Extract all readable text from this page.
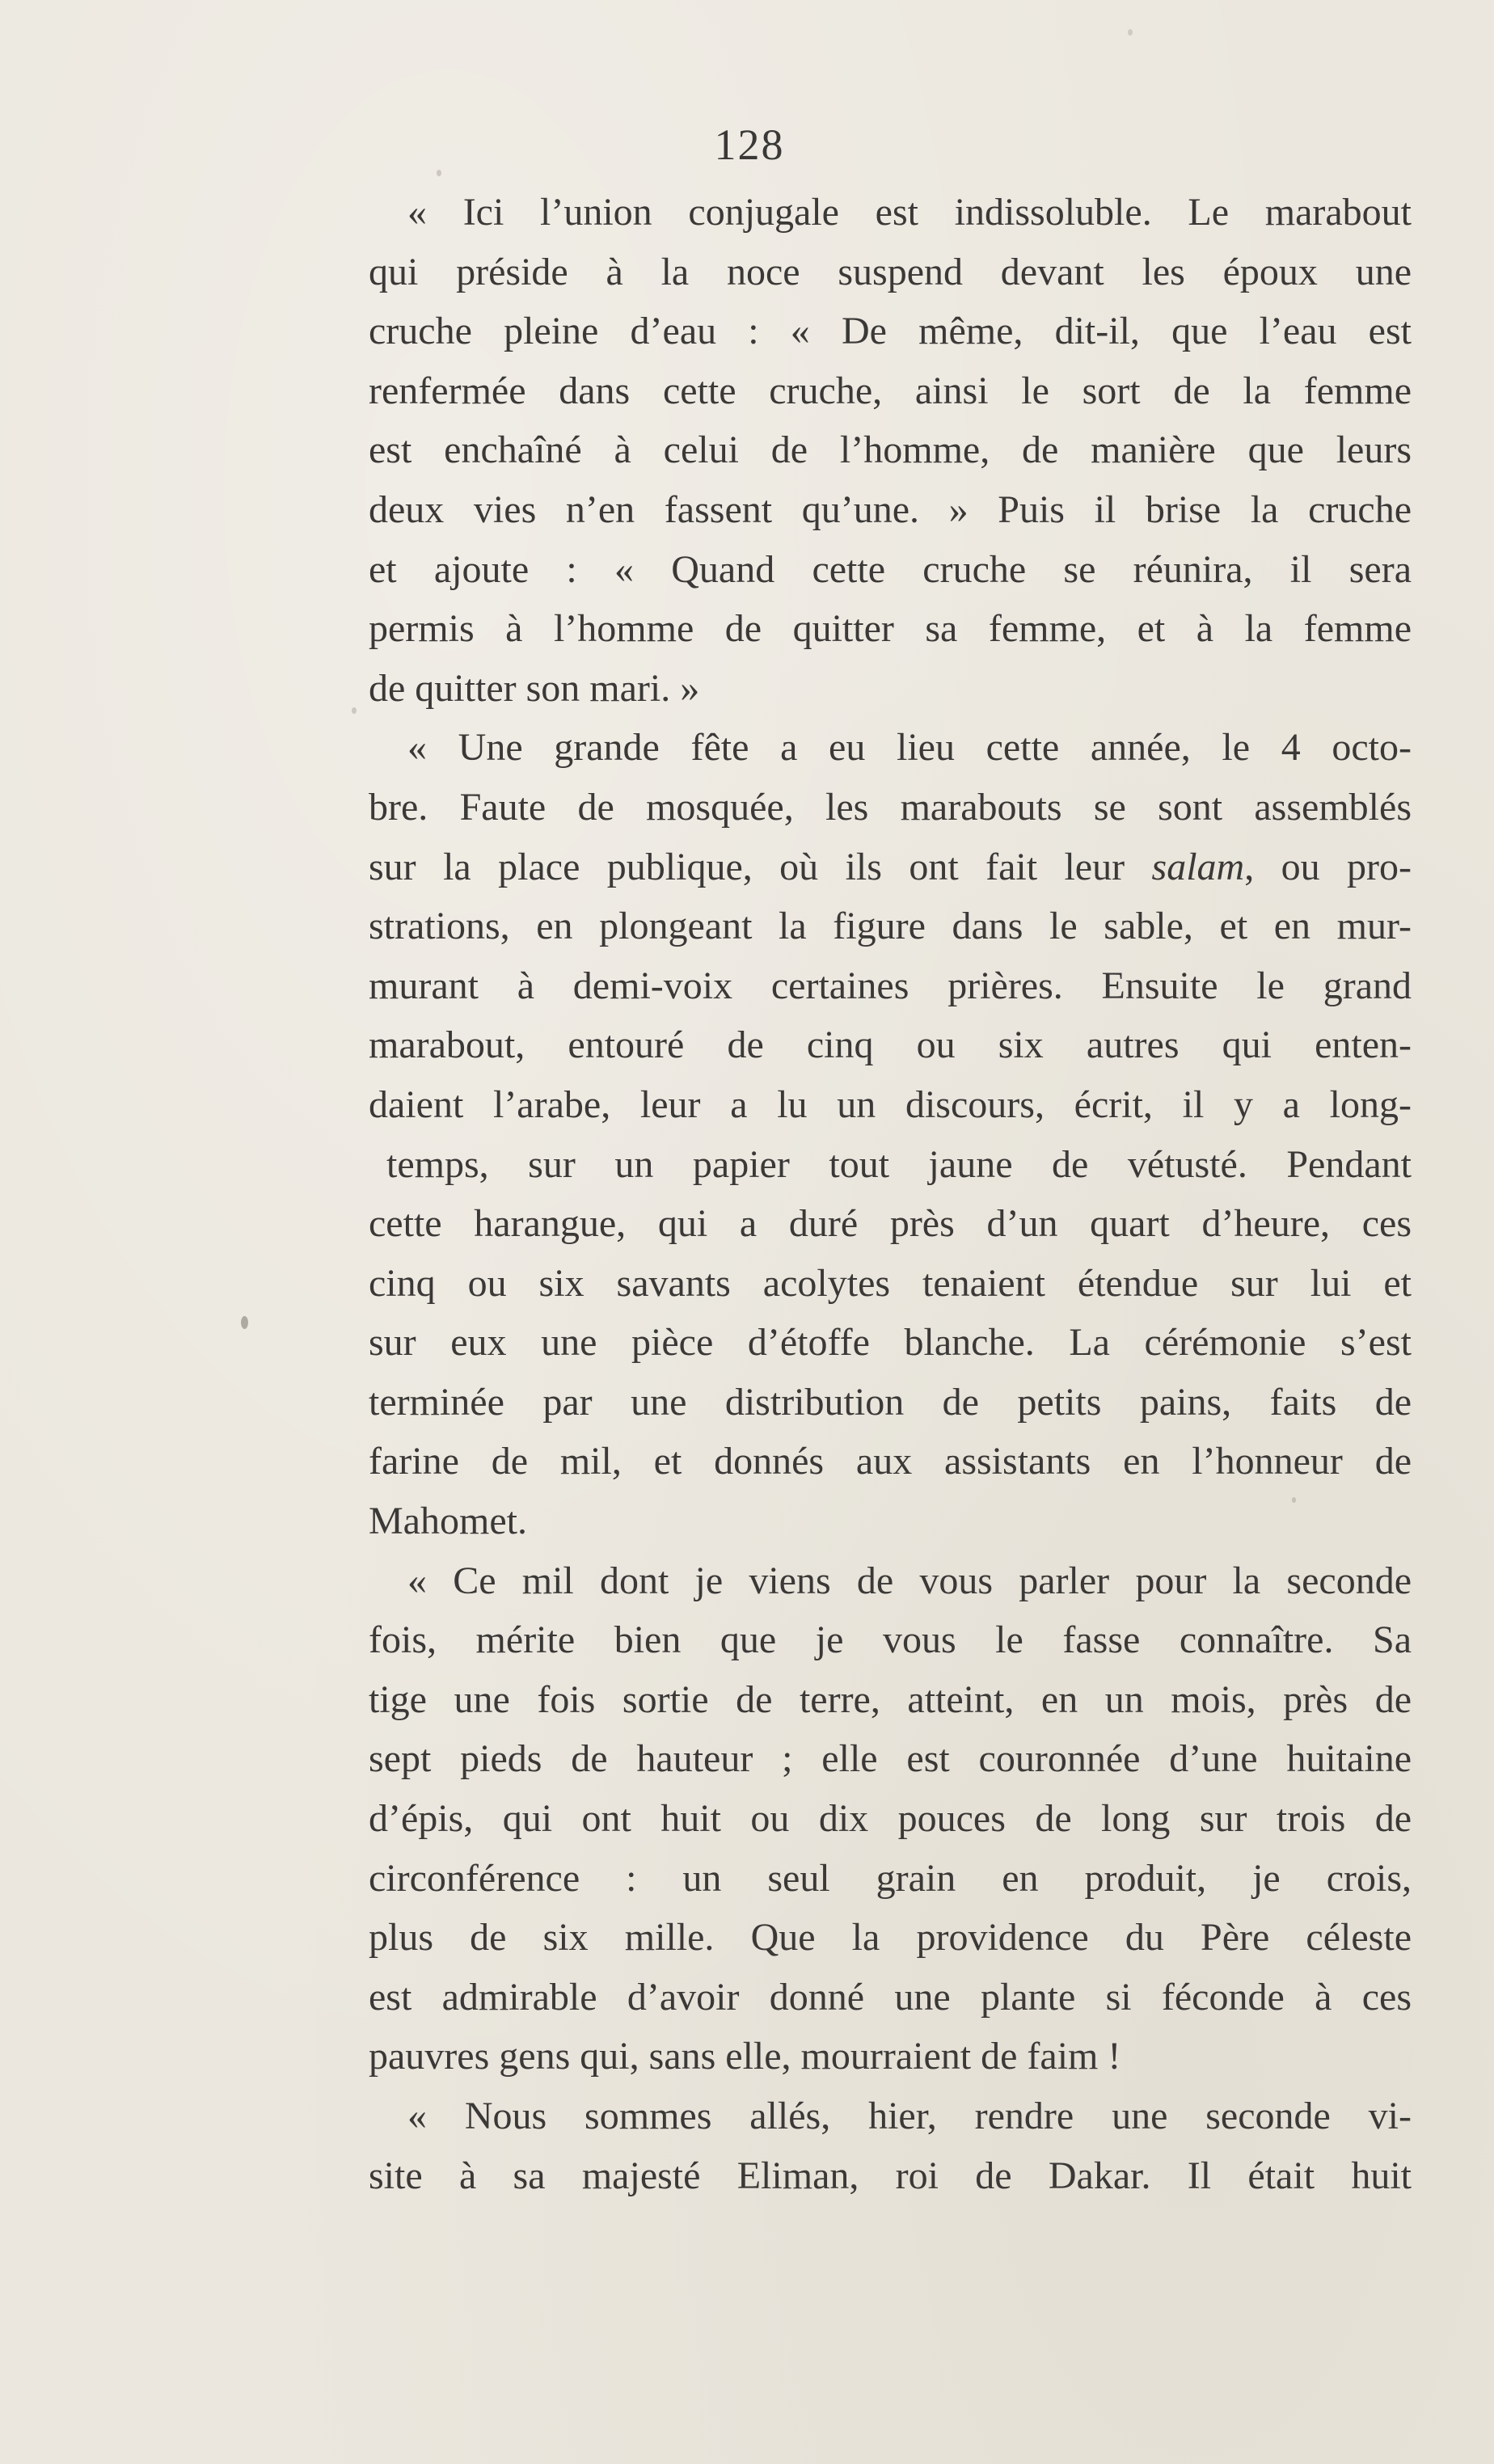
128
« Ici l’union conjugale est indissoluble. Le marabout
qui préside à la noce suspend devant les époux une
cruche pleine d’eau : « De même, dit-il, que l’eau est
renfermée dans cette cruche, ainsi le sort de la femme
est enchaîné à celui de l’homme, de manière que leurs
deux vies n’en fassent qu’une. » Puis il brise la cruche
et ajoute : « Quand cette cruche se réunira, il sera
permis à l’homme de quitter sa femme, et à la femme
de quitter son mari. »
« Une grande fête a eu lieu cette année, le 4 octo-
bre. Faute de mosquée, les marabouts se sont assemblés
sur la place publique, où ils ont fait leur salam, ou pro-
strations, en plongeant la figure dans le sable, et en mur-
murant à demi-voix certaines prières. Ensuite le grand
marabout, entouré de cinq ou six autres qui enten-
daient l’arabe, leur a lu un discours, écrit, il y a long-
temps, sur un papier tout jaune de vétusté. Pendant
cette harangue, qui a duré près d’un quart d’heure, ces
cinq ou six savants acolytes tenaient étendue sur lui et
sur eux une pièce d’étoffe blanche. La cérémonie s’est
terminée par une distribution de petits pains, faits de
farine de mil, et donnés aux assistants en l’honneur de
Mahomet.
« Ce mil dont je viens de vous parler pour la seconde
fois, mérite bien que je vous le fasse connaître. Sa
tige une fois sortie de terre, atteint, en un mois, près de
sept pieds de hauteur ; elle est couronnée d’une huitaine
d’épis, qui ont huit ou dix pouces de long sur trois de
circonférence : un seul grain en produit, je crois,
plus de six mille. Que la providence du Père céleste
est admirable d’avoir donné une plante si féconde à ces
pauvres gens qui, sans elle, mourraient de faim !
« Nous sommes allés, hier, rendre une seconde vi-
site à sa majesté Eliman, roi de Dakar. Il était huit
